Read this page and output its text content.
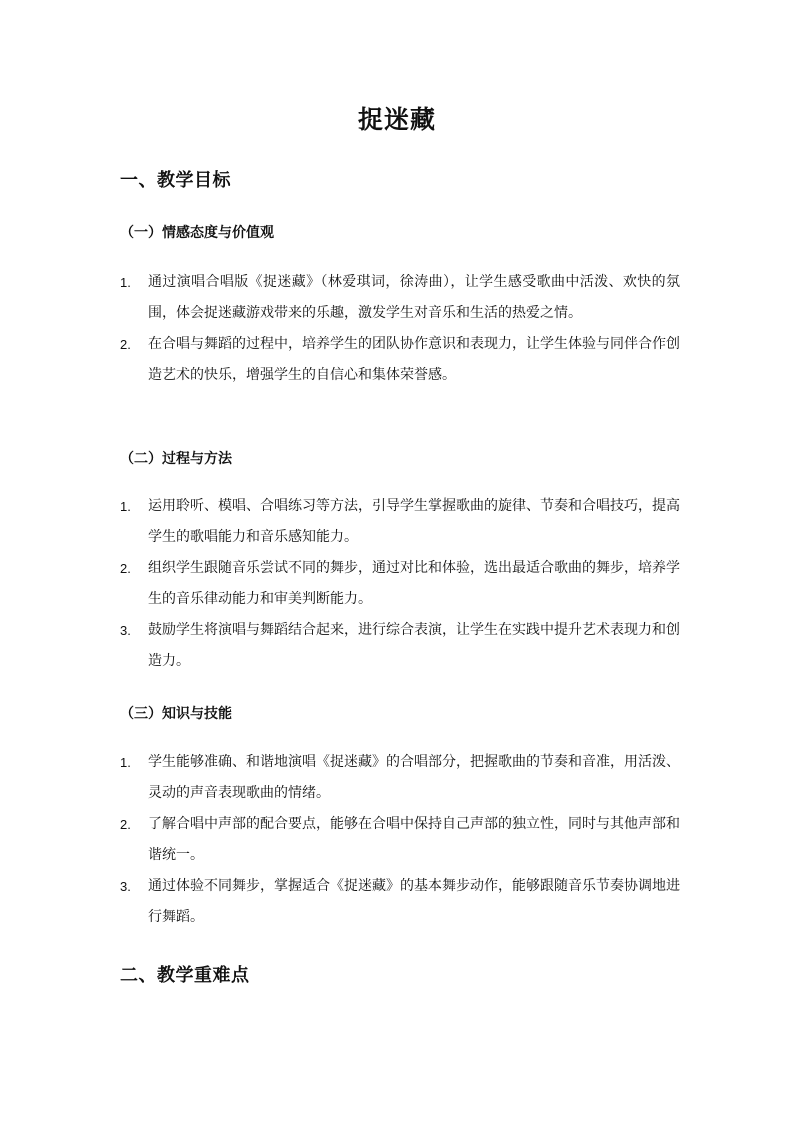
捉迷藏
一、教学目标
（一）情感态度与价值观
1. 通过演唱合唱版《捉迷藏》（林爱琪词，徐涛曲），让学生感受歌曲中活泼、欢快的氛围，体会捉迷藏游戏带来的乐趣，激发学生对音乐和生活的热爱之情。
2. 在合唱与舞蹈的过程中，培养学生的团队协作意识和表现力，让学生体验与同伴合作创造艺术的快乐，增强学生的自信心和集体荣誉感。
（二）过程与方法
1. 运用聆听、模唱、合唱练习等方法，引导学生掌握歌曲的旋律、节奏和合唱技巧，提高学生的歌唱能力和音乐感知能力。
2. 组织学生跟随音乐尝试不同的舞步，通过对比和体验，选出最适合歌曲的舞步，培养学生的音乐律动能力和审美判断能力。
3. 鼓励学生将演唱与舞蹈结合起来，进行综合表演，让学生在实践中提升艺术表现力和创造力。
（三）知识与技能
1. 学生能够准确、和谐地演唱《捉迷藏》的合唱部分，把握歌曲的节奏和音准，用活泼、灵动的声音表现歌曲的情绪。
2. 了解合唱中声部的配合要点，能够在合唱中保持自己声部的独立性，同时与其他声部和谐统一。
3. 通过体验不同舞步，掌握适合《捉迷藏》的基本舞步动作，能够跟随音乐节奏协调地进行舞蹈。
二、教学重难点
